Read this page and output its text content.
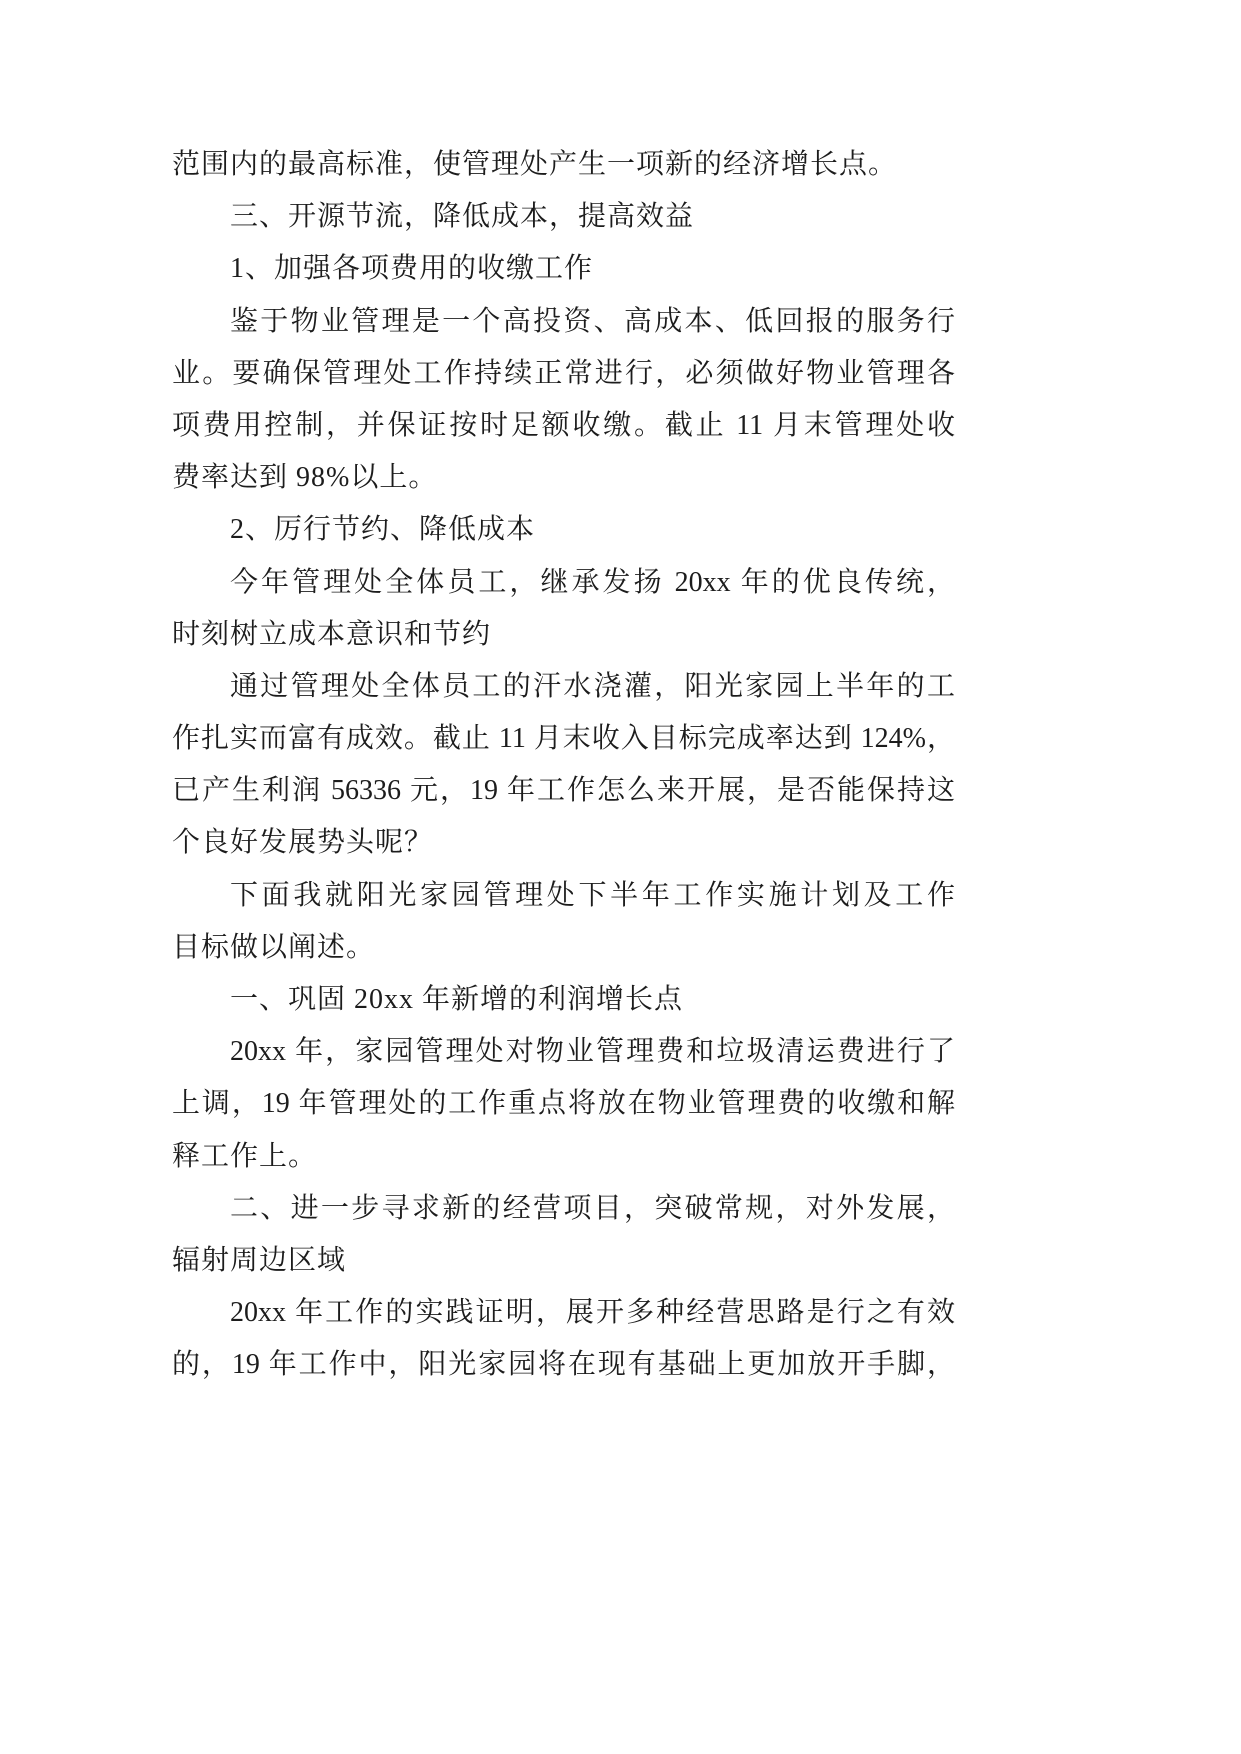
范围内的最高标准，使管理处产生一项新的经济增长点。
三、开源节流，降低成本，提高效益
1、加强各项费用的收缴工作
鉴于物业管理是一个高投资、高成本、低回报的服务行
业。要确保管理处工作持续正常进行，必须做好物业管理各
项费用控制，并保证按时足额收缴。截止 11 月末管理处收
费率达到 98%以上。
2、厉行节约、降低成本
今年管理处全体员工，继承发扬 20xx 年的优良传统，
时刻树立成本意识和节约
通过管理处全体员工的汗水浇灌，阳光家园上半年的工
作扎实而富有成效。截止 11 月末收入目标完成率达到 124%，
已产生利润 56336 元，19 年工作怎么来开展，是否能保持这
个良好发展势头呢？
下面我就阳光家园管理处下半年工作实施计划及工作
目标做以阐述。
一、巩固 20xx 年新增的利润增长点
20xx 年，家园管理处对物业管理费和垃圾清运费进行了
上调，19 年管理处的工作重点将放在物业管理费的收缴和解
释工作上。
二、进一步寻求新的经营项目，突破常规，对外发展，
辐射周边区域
20xx 年工作的实践证明，展开多种经营思路是行之有效
的，19 年工作中，阳光家园将在现有基础上更加放开手脚，
